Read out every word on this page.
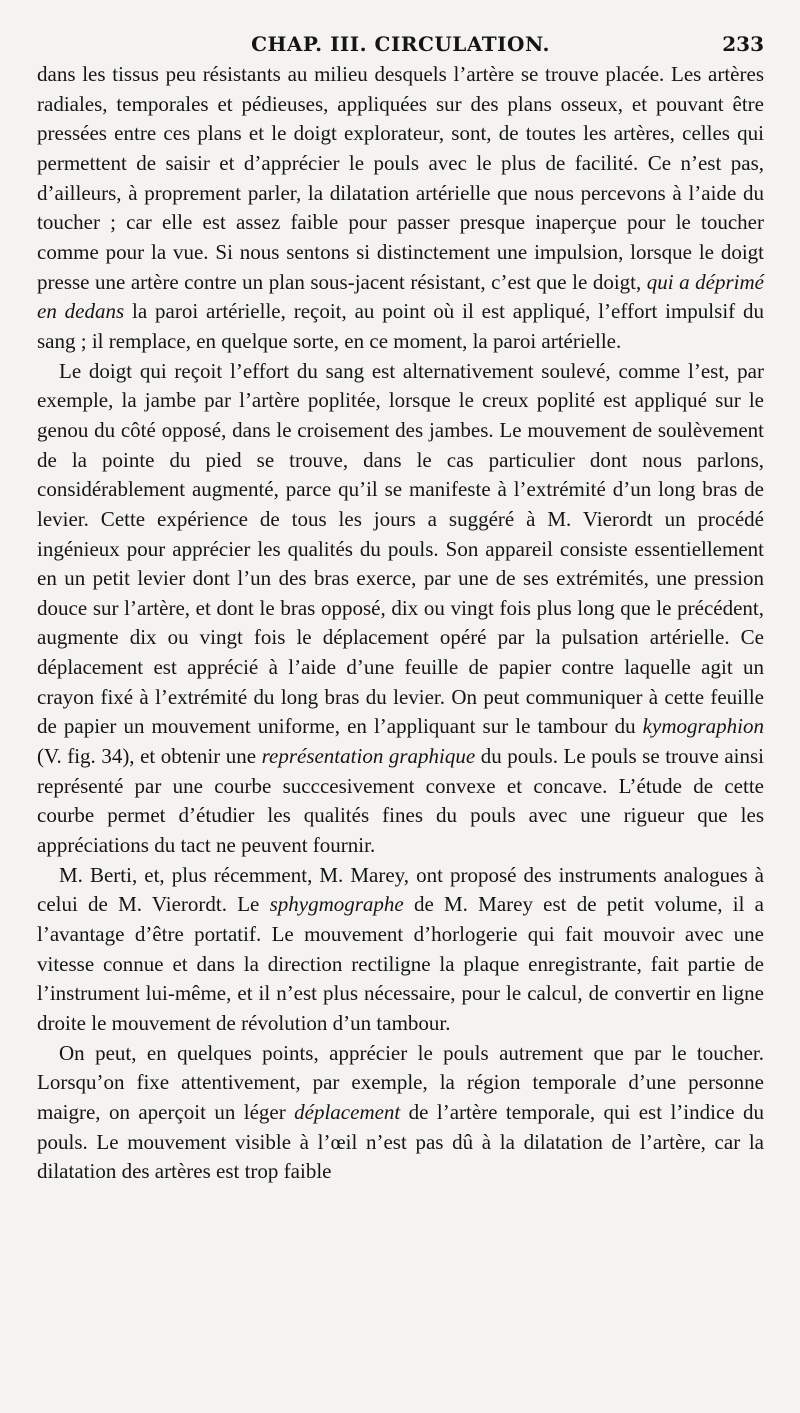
CHAP. III. CIRCULATION.	233

dans les tissus peu résistants au milieu desquels l’artère se trouve placée. Les artères radiales, temporales et pédieuses, appliquées sur des plans osseux, et pouvant être pressées entre ces plans et le doigt explorateur, sont, de toutes les artères, celles qui permettent de saisir et d’apprécier le pouls avec le plus de facilité. Ce n’est pas, d’ailleurs, à proprement parler, la dilatation artérielle que nous percevons à l’aide du toucher ; car elle est assez faible pour passer presque inaperçue pour le toucher comme pour la vue. Si nous sentons si distinctement une impulsion, lorsque le doigt presse une artère contre un plan sous-jacent résistant, c’est que le doigt, qui a déprimé en dedans la paroi artérielle, reçoit, au point où il est appliqué, l’effort impulsif du sang ; il remplace, en quelque sorte, en ce moment, la paroi artérielle.

Le doigt qui reçoit l’effort du sang est alternativement soulevé, comme l’est, par exemple, la jambe par l’artère poplitée, lorsque le creux poplité est appliqué sur le genou du côté opposé, dans le croisement des jambes. Le mouvement de soulèvement de la pointe du pied se trouve, dans le cas particulier dont nous parlons, considérablement augmenté, parce qu’il se manifeste à l’extrémité d’un long bras de levier. Cette expérience de tous les jours a suggéré à M. Vierordt un procédé ingénieux pour apprécier les qualités du pouls. Son appareil consiste essentiellement en un petit levier dont l’un des bras exerce, par une de ses extrémités, une pression douce sur l’artère, et dont le bras opposé, dix ou vingt fois plus long que le précédent, augmente dix ou vingt fois le déplacement opéré par la pulsation artérielle. Ce déplacement est apprécié à l’aide d’une feuille de papier contre laquelle agit un crayon fixé à l’extrémité du long bras du levier. On peut communiquer à cette feuille de papier un mouvement uniforme, en l’appliquant sur le tambour du kymographion (V. fig. 34), et obtenir une représentation graphique du pouls. Le pouls se trouve ainsi représenté par une courbe succcesivement convexe et concave. L’étude de cette courbe permet d’étudier les qualités fines du pouls avec une rigueur que les appréciations du tact ne peuvent fournir.

M. Berti, et, plus récemment, M. Marey, ont proposé des instruments analogues à celui de M. Vierordt. Le sphygmographe de M. Marey est de petit volume, il a l’avantage d’être portatif. Le mouvement d’horlogerie qui fait mouvoir avec une vitesse connue et dans la direction rectiligne la plaque enregistrante, fait partie de l’instrument lui-même, et il n’est plus nécessaire, pour le calcul, de convertir en ligne droite le mouvement de révolution d’un tambour.

On peut, en quelques points, apprécier le pouls autrement que par le toucher. Lorsqu’on fixe attentivement, par exemple, la région temporale d’une personne maigre, on aperçoit un léger déplacement de l’artère temporale, qui est l’indice du pouls. Le mouvement visible à l’œil n’est pas dû à la dilatation de l’artère, car la dilatation des artères est trop faible
